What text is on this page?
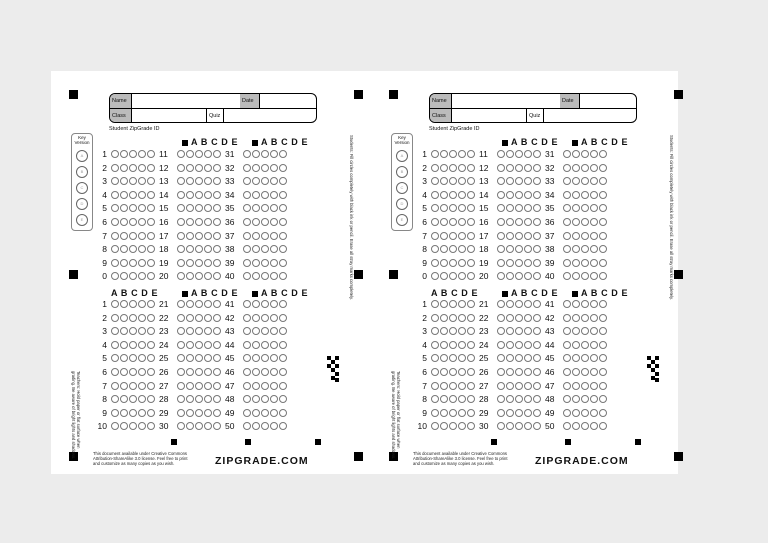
Name	Date
Class	Quiz
Student ZipGrade ID
Key
Version
A
B
C
D
E
A B C D E	A B C D E
1	11	31
2	12	32
3	13	33
4	14	34
5	15	35
6	16	36
7	17	37
8	18	38
9	19	39
0	20	40
A B C D E	A B C D E	A B C D E
1	21	41
2	22	42
3	23	43
4	24	44
5	25	45
6	26	46
7	27	47
8	28	48
9	29	49
10	30	50
Students: Fill circles completely with black ink or pencil. Erase all stray marks completely.
Teachers: Hold paper or flat surface when grading. Be aware of bright lights and shadows.	This document available under Creative Commons Attribution-ShareAlike 3.0 license. Feel free to print and customize as many copies as you wish.	ZIPGRADE.COM
Name	Date
Class	Quiz
Student ZipGrade ID
Key
Version
A
B
C
D
E
A B C D E	A B C D E
1	11	31
2	12	32
3	13	33
4	14	34
5	15	35
6	16	36
7	17	37
8	18	38
9	19	39
0	20	40
A B C D E	A B C D E	A B C D E
1	21	41
2	22	42
3	23	43
4	24	44
5	25	45
6	26	46
7	27	47
8	28	48
9	29	49
10	30	50
Students: Fill circles completely with black ink or pencil. Erase all stray marks completely.
Teachers: Hold paper or flat surface when grading. Be aware of bright lights and shadows.	This document available under Creative Commons Attribution-ShareAlike 3.0 license. Feel free to print and customize as many copies as you wish.	ZIPGRADE.COM
